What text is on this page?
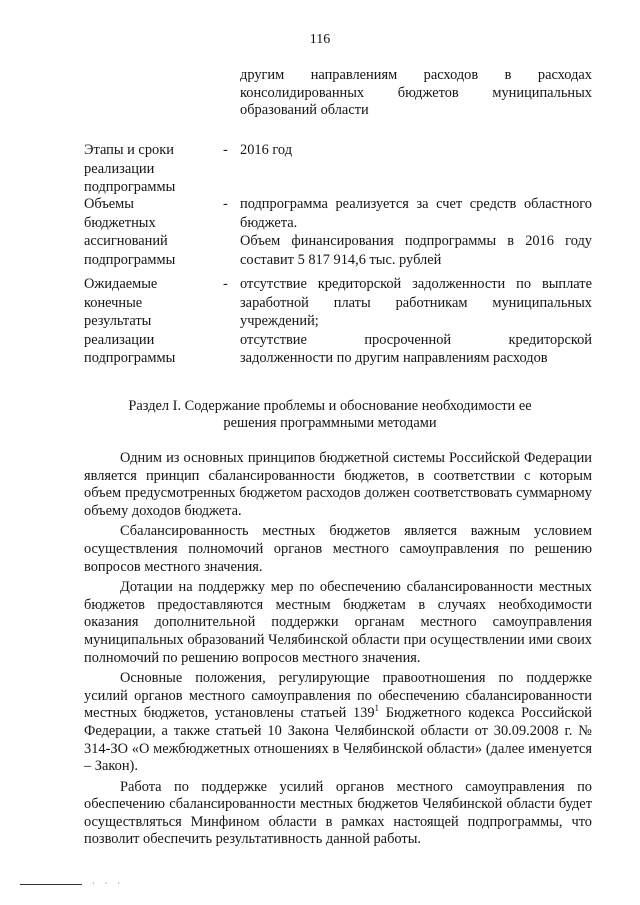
116
другим направлениям расходов в расходах
консолидированных бюджетов муниципальных
образований области
Этапы и сроки
реализации
подпрограммы
- 2016 год
Объемы
бюджетных
ассигнований
подпрограммы
- подпрограмма реализуется за счет средств областного
бюджета.
Объем финансирования подпрограммы в 2016 году
составит 5 817 914,6 тыс. рублей
Ожидаемые
конечные
результаты
реализации
подпрограммы
- отсутствие кредиторской задолженности по выплате
заработной платы работникам муниципальных
учреждений;
отсутствие просроченной кредиторской
задолженности по другим направлениям расходов
Раздел I. Содержание проблемы и обоснование необходимости ее
решения программными методами

Одним из основных принципов бюджетной системы Российской Федерации является принцип сбалансированности бюджетов, в соответствии с которым объем предусмотренных бюджетом расходов должен соответствовать суммарному объему доходов бюджета.

Сбалансированность местных бюджетов является важным условием осуществления полномочий органов местного самоуправления по решению вопросов местного значения.

Дотации на поддержку мер по обеспечению сбалансированности местных бюджетов предоставляются местным бюджетам в случаях необходимости оказания дополнительной поддержки органам местного самоуправления муниципальных образований Челябинской области при осуществлении ими своих полномочий по решению вопросов местного значения.

Основные положения, регулирующие правоотношения по поддержке усилий органов местного самоуправления по обеспечению сбалансированности местных бюджетов, установлены статьей $139^1$ Бюджетного кодекса Российской Федерации, а также статьей 10 Закона Челябинской области от 30.09.2008 г. № 314-ЗО «О межбюджетных отношениях в Челябинской области» (далее именуется – Закон).

Работа по поддержке усилий органов местного самоуправления по обеспечению сбалансированности местных бюджетов Челябинской области будет осуществляться Минфином области в рамках настоящей подпрограммы, что позволит обеспечить результативность данной работы.

· · ·
